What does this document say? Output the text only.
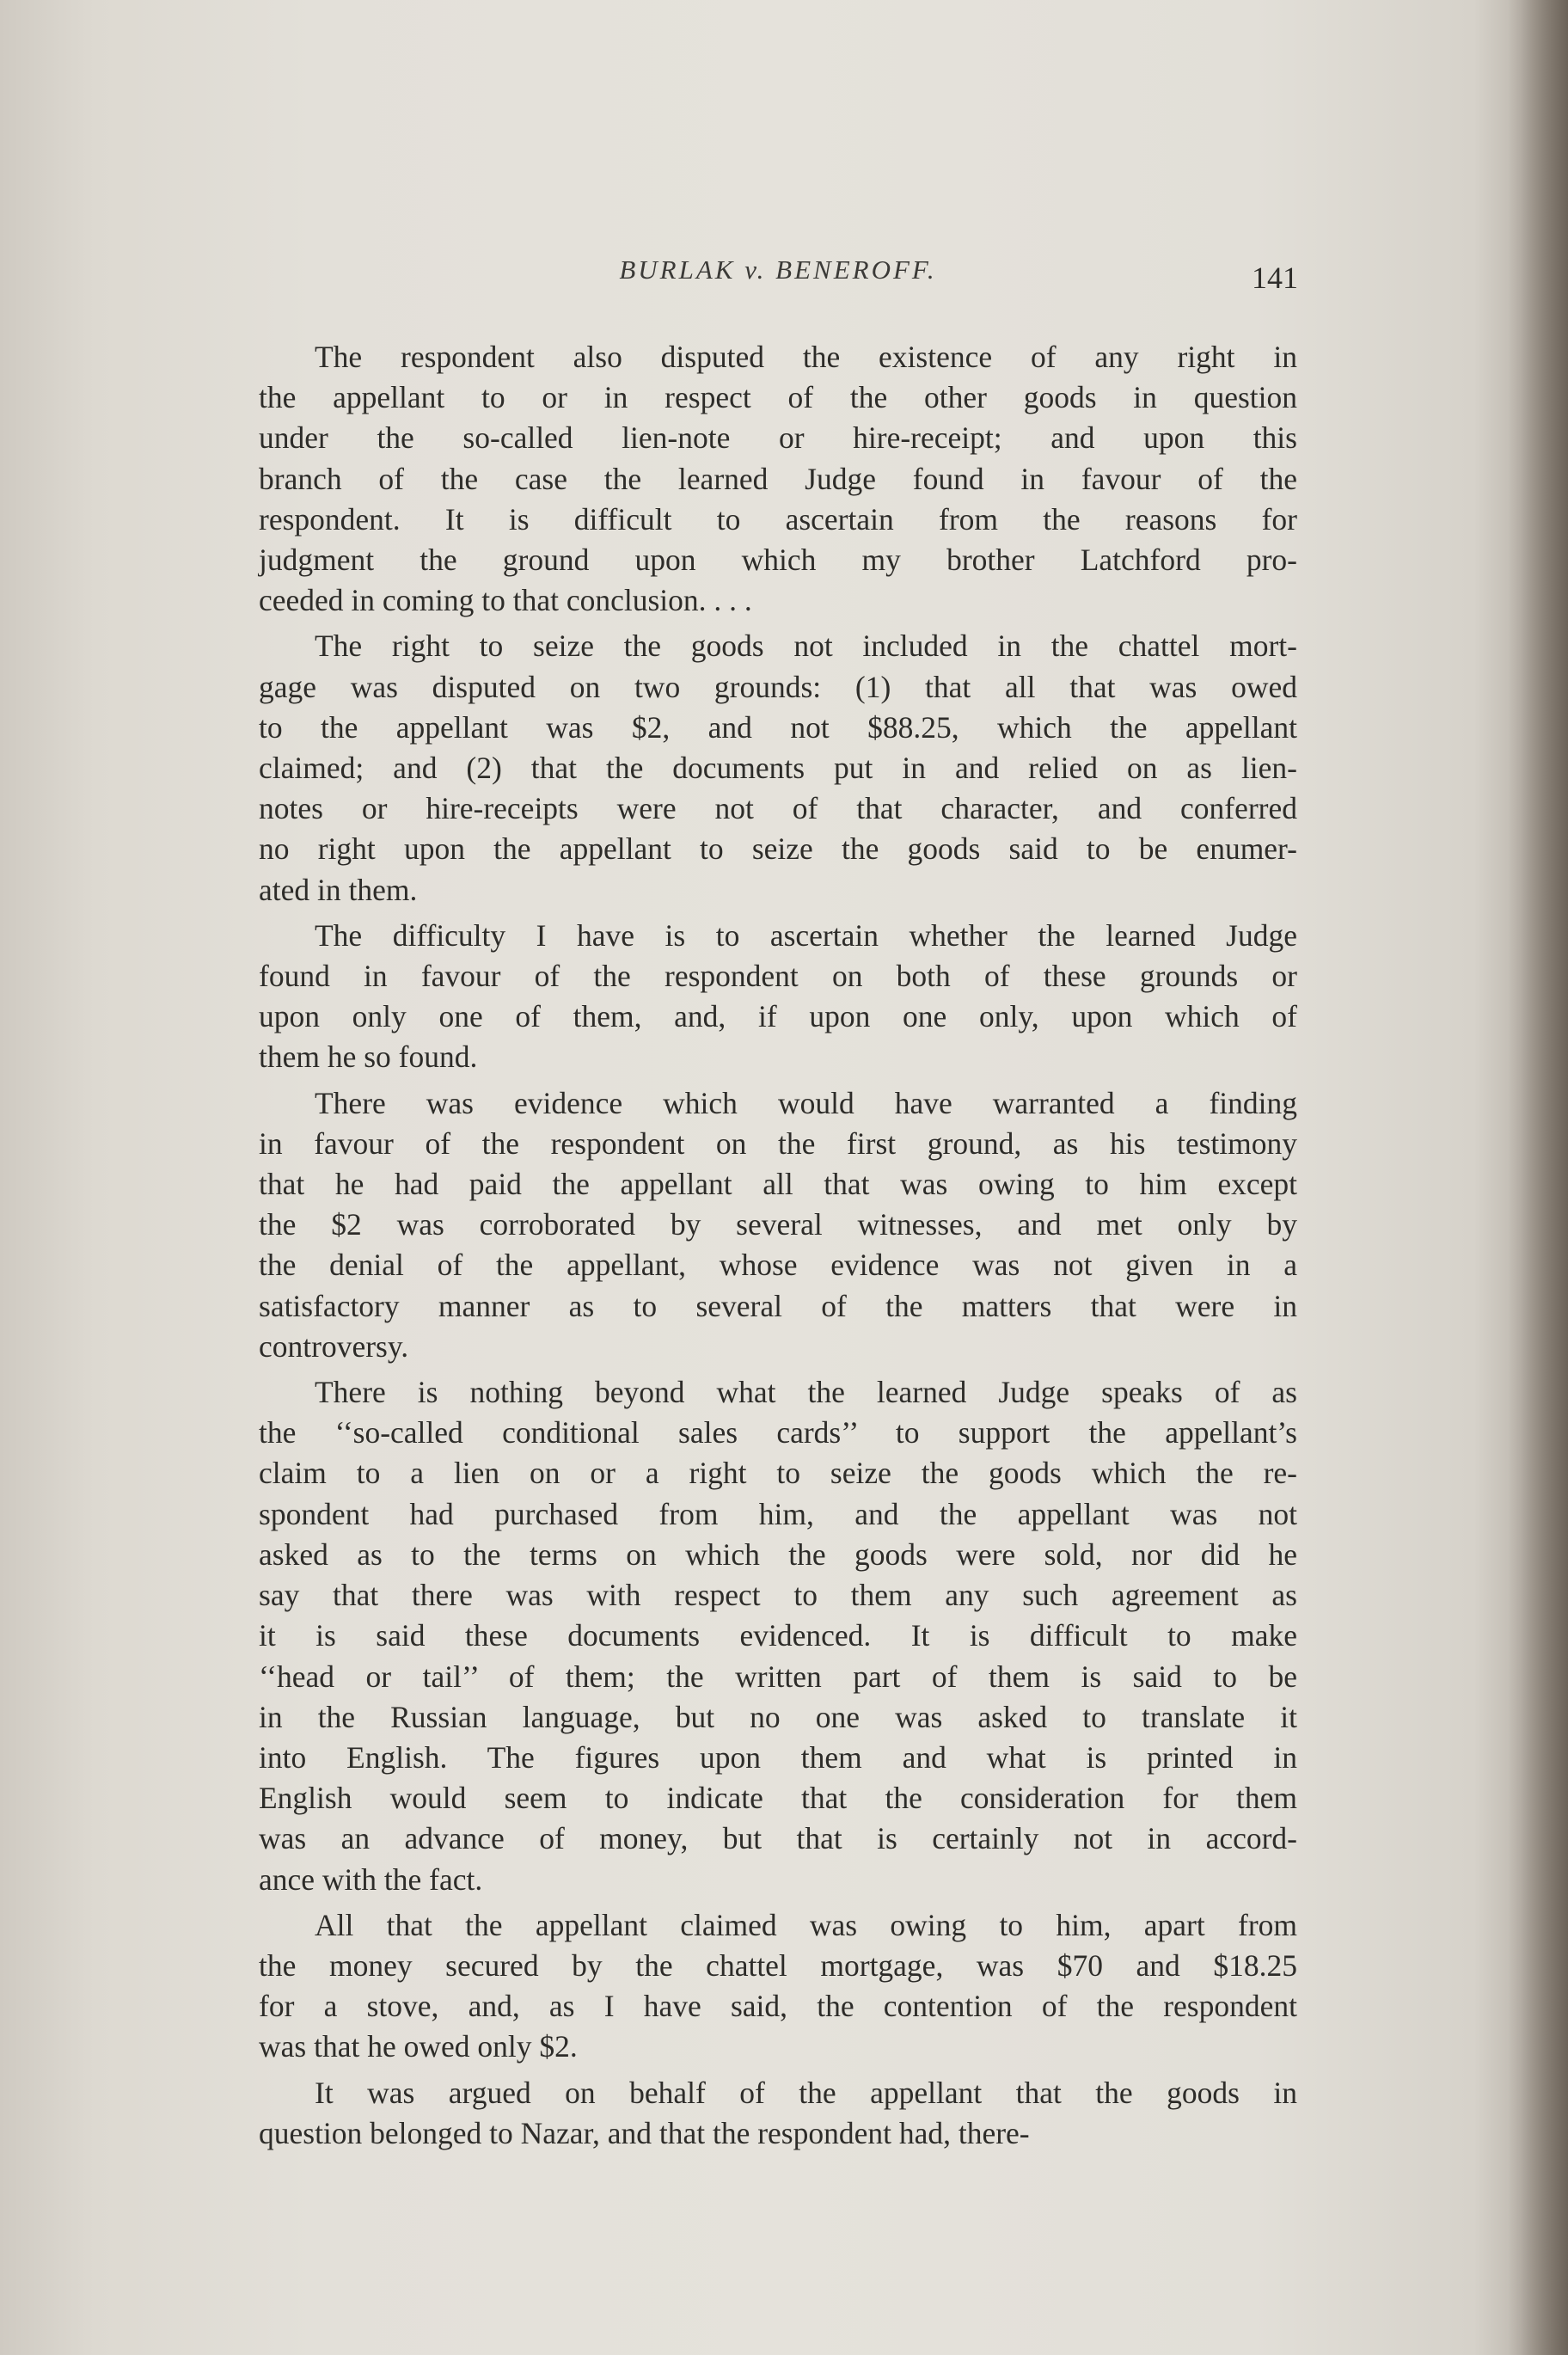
BURLAK v. BENEROFF.	141

The respondent also disputed the existence of any right in
the appellant to or in respect of the other goods in question
under the so-called lien-note or hire-receipt; and upon this
branch of the case the learned Judge found in favour of the
respondent. It is difficult to ascertain from the reasons for
judgment the ground upon which my brother Latchford pro-
ceeded in coming to that conclusion. . . .

The right to seize the goods not included in the chattel mort-
gage was disputed on two grounds: (1) that all that was owed
to the appellant was $2, and not $88.25, which the appellant
claimed; and (2) that the documents put in and relied on as lien-
notes or hire-receipts were not of that character, and conferred
no right upon the appellant to seize the goods said to be enumer-
ated in them.

The difficulty I have is to ascertain whether the learned Judge
found in favour of the respondent on both of these grounds or
upon only one of them, and, if upon one only, upon which of
them he so found.

There was evidence which would have warranted a finding
in favour of the respondent on the first ground, as his testimony
that he had paid the appellant all that was owing to him except
the $2 was corroborated by several witnesses, and met only by
the denial of the appellant, whose evidence was not given in a
satisfactory manner as to several of the matters that were in
controversy.

There is nothing beyond what the learned Judge speaks of as
the ‘‘so-called conditional sales cards’’ to support the appellant’s
claim to a lien on or a right to seize the goods which the re-
spondent had purchased from him, and the appellant was not
asked as to the terms on which the goods were sold, nor did he
say that there was with respect to them any such agreement as
it is said these documents evidenced. It is difficult to make
‘‘head or tail’’ of them; the written part of them is said to be
in the Russian language, but no one was asked to translate it
into English. The figures upon them and what is printed in
English would seem to indicate that the consideration for them
was an advance of money, but that is certainly not in accord-
ance with the fact.

All that the appellant claimed was owing to him, apart from
the money secured by the chattel mortgage, was $70 and $18.25
for a stove, and, as I have said, the contention of the respondent
was that he owed only $2.

It was argued on behalf of the appellant that the goods in
question belonged to Nazar, and that the respondent had, there-
